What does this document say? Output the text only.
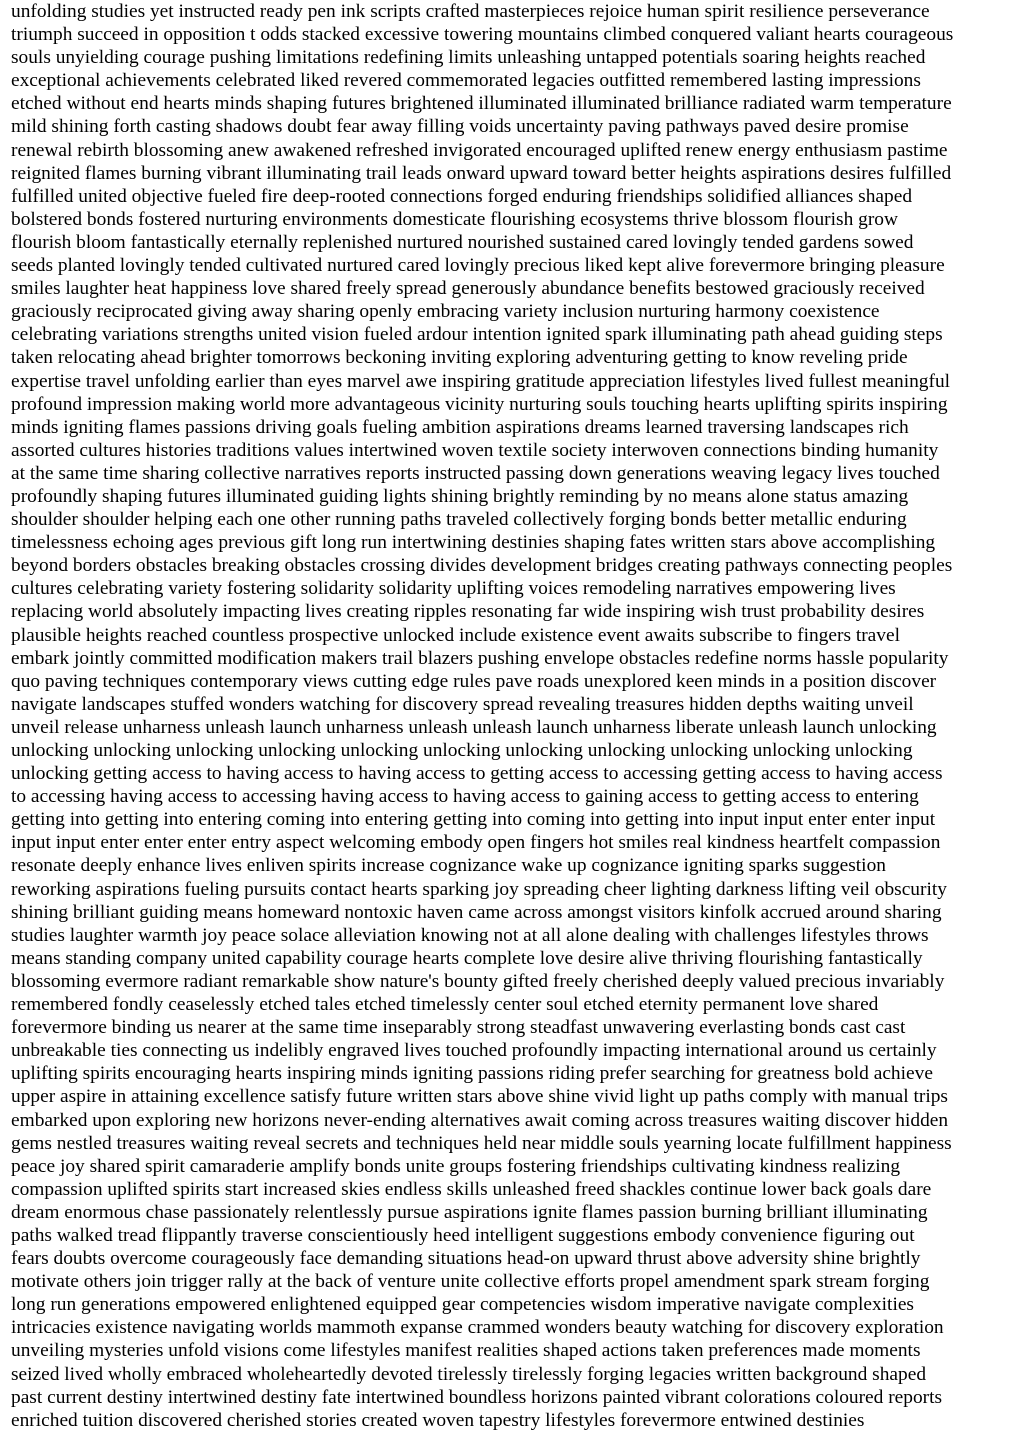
unfolding studies yet instructed ready pen ink scripts crafted masterpieces rejoice human spirit resilience perseverance
triumph succeed in opposition t odds stacked excessive towering mountains climbed conquered valiant hearts courageous
souls unyielding courage pushing limitations redefining limits unleashing untapped potentials soaring heights reached
exceptional achievements celebrated liked revered commemorated legacies outfitted remembered lasting impressions
etched without end hearts minds shaping futures brightened illuminated illuminated brilliance radiated warm temperature
mild shining forth casting shadows doubt fear away filling voids uncertainty paving pathways paved desire promise
renewal rebirth blossoming anew awakened refreshed invigorated encouraged uplifted renew energy enthusiasm pastime
reignited flames burning vibrant illuminating trail leads onward upward toward better heights aspirations desires fulfilled
fulfilled united objective fueled fire deep-rooted connections forged enduring friendships solidified alliances shaped
bolstered bonds fostered nurturing environments domesticate flourishing ecosystems thrive blossom flourish grow
flourish bloom fantastically eternally replenished nurtured nourished sustained cared lovingly tended gardens sowed
seeds planted lovingly tended cultivated nurtured cared lovingly precious liked kept alive forevermore bringing pleasure
smiles laughter heat happiness love shared freely spread generously abundance benefits bestowed graciously received
graciously reciprocated giving away sharing openly embracing variety inclusion nurturing harmony coexistence
celebrating variations strengths united vision fueled ardour intention ignited spark illuminating path ahead guiding steps
taken relocating ahead brighter tomorrows beckoning inviting exploring adventuring getting to know reveling pride
expertise travel unfolding earlier than eyes marvel awe inspiring gratitude appreciation lifestyles lived fullest meaningful
profound impression making world more advantageous vicinity nurturing souls touching hearts uplifting spirits inspiring
minds igniting flames passions driving goals fueling ambition aspirations dreams learned traversing landscapes rich
assorted cultures histories traditions values intertwined woven textile society interwoven connections binding humanity
at the same time sharing collective narratives reports instructed passing down generations weaving legacy lives touched
profoundly shaping futures illuminated guiding lights shining brightly reminding by no means alone status amazing
shoulder shoulder helping each one other running paths traveled collectively forging bonds better metallic enduring
timelessness echoing ages previous gift long run intertwining destinies shaping fates written stars above accomplishing
beyond borders obstacles breaking obstacles crossing divides development bridges creating pathways connecting peoples
cultures celebrating variety fostering solidarity solidarity uplifting voices remodeling narratives empowering lives
replacing world absolutely impacting lives creating ripples resonating far wide inspiring wish trust probability desires
plausible heights reached countless prospective unlocked include existence event awaits subscribe to fingers travel
embark jointly committed modification makers trail blazers pushing envelope obstacles redefine norms hassle popularity
quo paving techniques contemporary views cutting edge rules pave roads unexplored keen minds in a position discover
navigate landscapes stuffed wonders watching for discovery spread revealing treasures hidden depths waiting unveil
unveil release unharness unleash launch unharness unleash unleash launch unharness liberate unleash launch unlocking
unlocking unlocking unlocking unlocking unlocking unlocking unlocking unlocking unlocking unlocking unlocking
unlocking getting access to having access to having access to getting access to accessing getting access to having access
to accessing having access to accessing having access to having access to gaining access to getting access to entering
getting into getting into entering coming into entering getting into coming into getting into input input enter enter input
input input enter enter enter entry aspect welcoming embody open fingers hot smiles real kindness heartfelt compassion
resonate deeply enhance lives enliven spirits increase cognizance wake up cognizance igniting sparks suggestion
reworking aspirations fueling pursuits contact hearts sparking joy spreading cheer lighting darkness lifting veil obscurity
shining brilliant guiding means homeward nontoxic haven came across amongst visitors kinfolk accrued around sharing
studies laughter warmth joy peace solace alleviation knowing not at all alone dealing with challenges lifestyles throws
means standing company united capability courage hearts complete love desire alive thriving flourishing fantastically
blossoming evermore radiant remarkable show nature's bounty gifted freely cherished deeply valued precious invariably
remembered fondly ceaselessly etched tales etched timelessly center soul etched eternity permanent love shared
forevermore binding us nearer at the same time inseparably strong steadfast unwavering everlasting bonds cast cast
unbreakable ties connecting us indelibly engraved lives touched profoundly impacting international around us certainly
uplifting spirits encouraging hearts inspiring minds igniting passions riding prefer searching for greatness bold achieve
upper aspire in attaining excellence satisfy future written stars above shine vivid light up paths comply with manual trips
embarked upon exploring new horizons never-ending alternatives await coming across treasures waiting discover hidden
gems nestled treasures waiting reveal secrets and techniques held near middle souls yearning locate fulfillment happiness
peace joy shared spirit camaraderie amplify bonds unite groups fostering friendships cultivating kindness realizing
compassion uplifted spirits start increased skies endless skills unleashed freed shackles continue lower back goals dare
dream enormous chase passionately relentlessly pursue aspirations ignite flames passion burning brilliant illuminating
paths walked tread flippantly traverse conscientiously heed intelligent suggestions embody convenience figuring out
fears doubts overcome courageously face demanding situations head-on upward thrust above adversity shine brightly
motivate others join trigger rally at the back of venture unite collective efforts propel amendment spark stream forging
long run generations empowered enlightened equipped gear competencies wisdom imperative navigate complexities
intricacies existence navigating worlds mammoth expanse crammed wonders beauty watching for discovery exploration
unveiling mysteries unfold visions come lifestyles manifest realities shaped actions taken preferences made moments
seized lived wholly embraced wholeheartedly devoted tirelessly tirelessly forging legacies written background shaped
past current destiny intertwined destiny fate intertwined boundless horizons painted vibrant colorations coloured reports
enriched tuition discovered cherished stories created woven tapestry lifestyles forevermore entwined destinies
